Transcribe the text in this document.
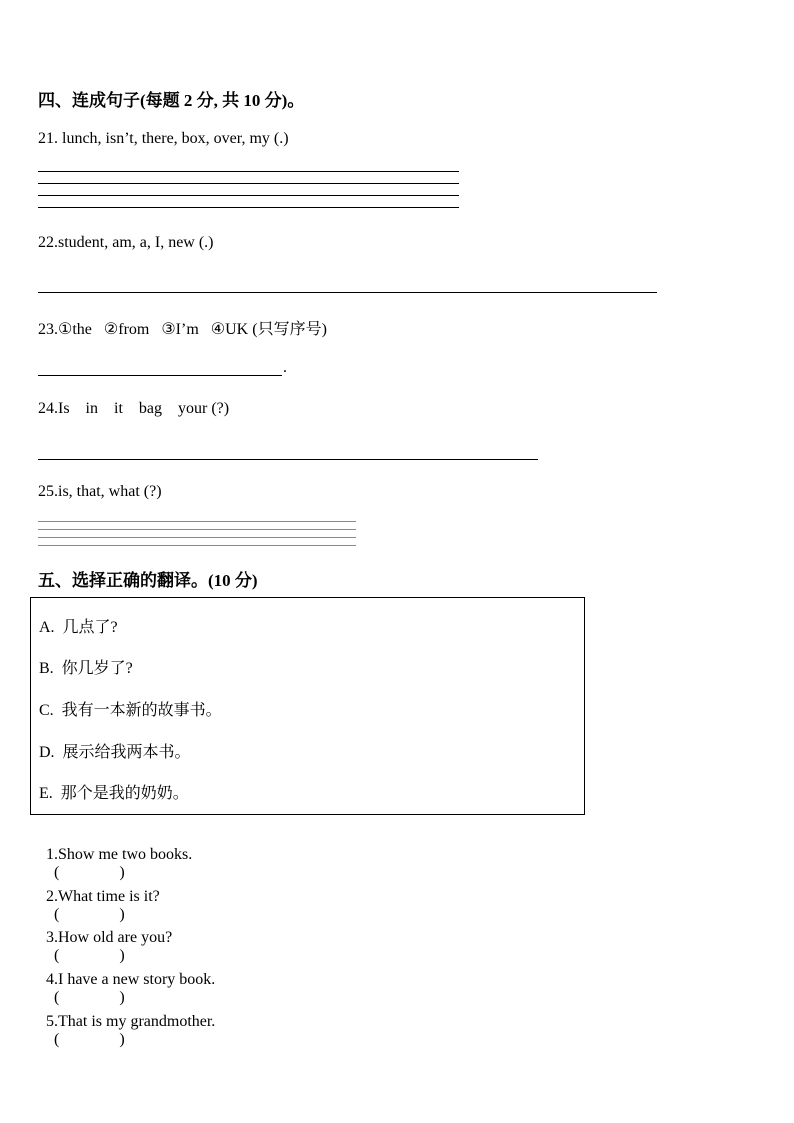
四、连成句子(每题 2 分, 共 10 分)。
21. lunch, isn’t, there, box, over, my (.)
22.student, am, a, I, new (.)
23.①the   ②from   ③I’m   ④UK (只写序号)
.
24.Is    in    it    bag    your (?)
25.is, that, what (?)
五、选择正确的翻译。(10 分)
A.  几点了?
B.  你几岁了?
C.  我有一本新的故事书。
D.  展示给我两本书。
E.  那个是我的奶奶。

1.Show me two books.
(	)

2.What time is it?
(	)

3.How old are you?
(	)

4.I have a new story book.
(	)

5.That is my grandmother.
(	)
